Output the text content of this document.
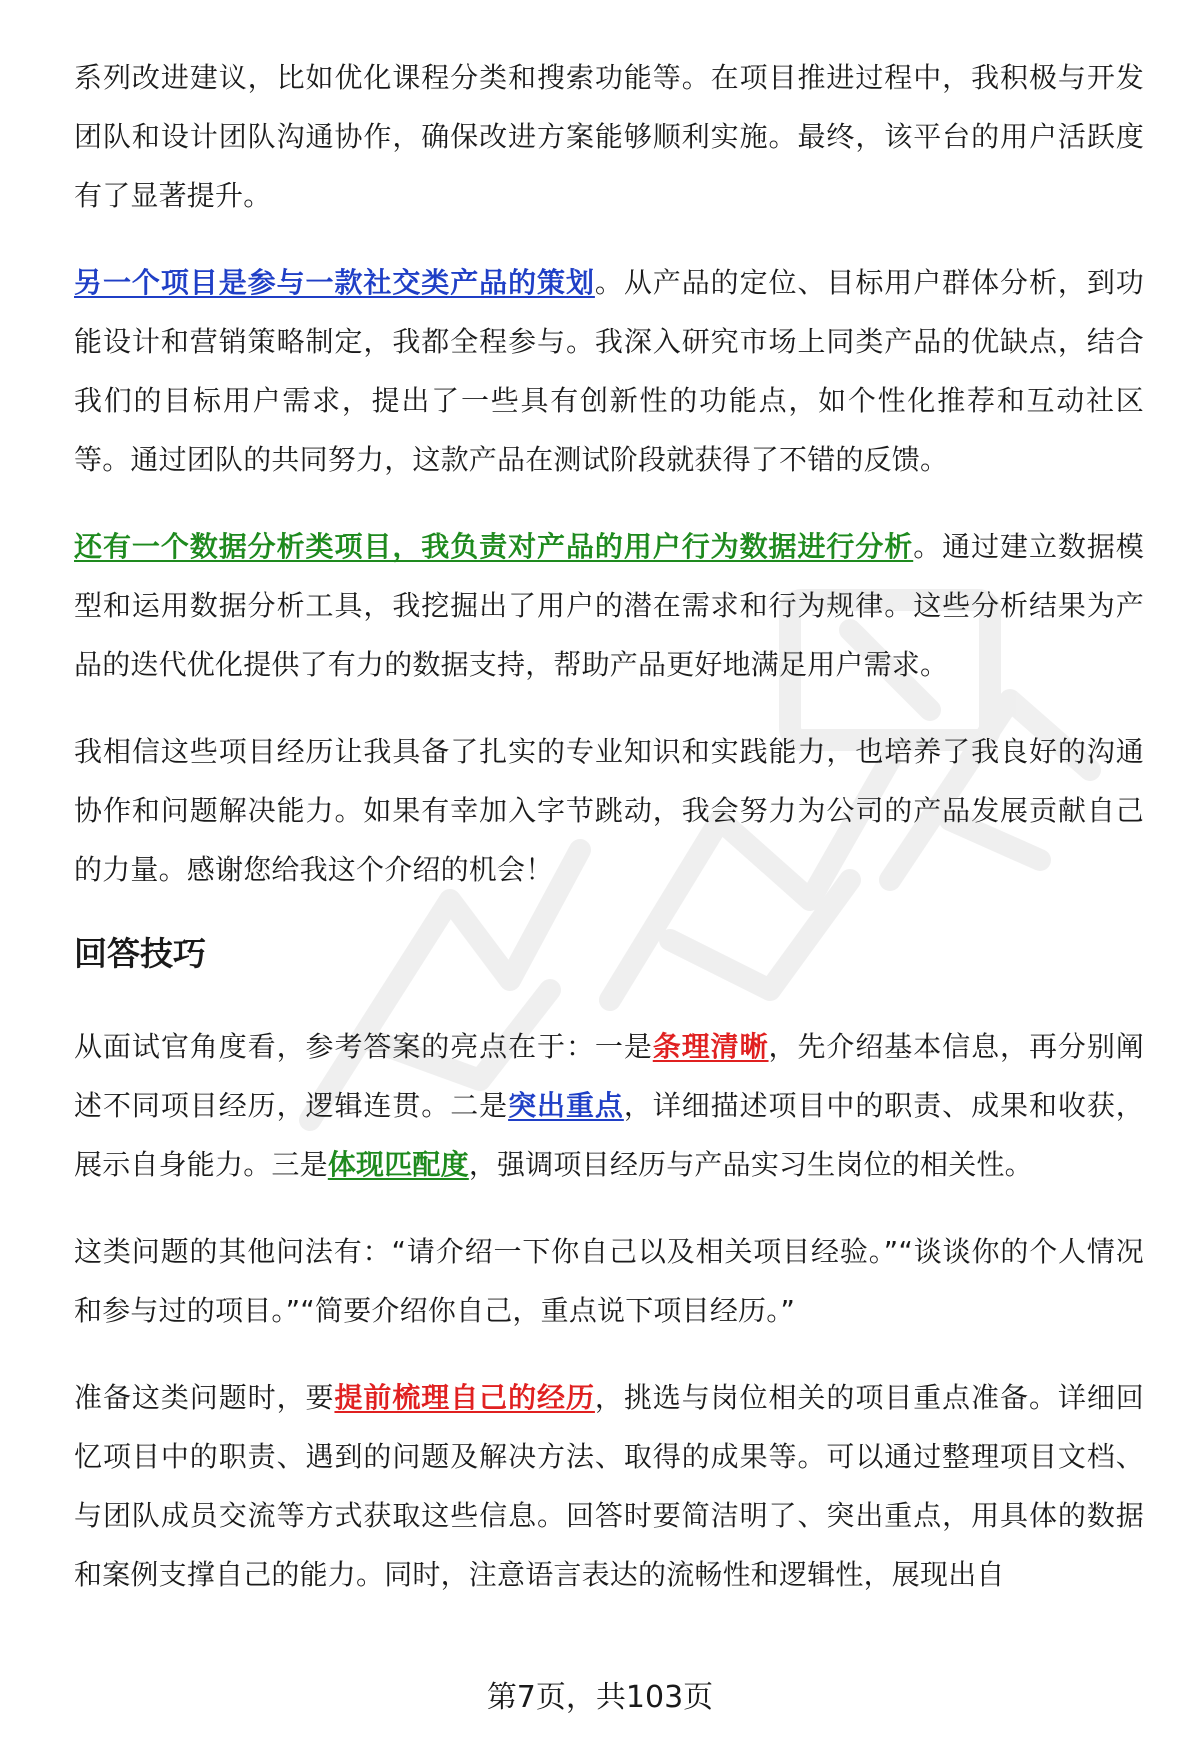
系列改进建议，比如优化课程分类和搜索功能等。在项目推进过程中，我积极与开发团队和设计团队沟通协作，确保改进方案能够顺利实施。最终，该平台的用户活跃度有了显著提升。

另一个项目是参与一款社交类产品的策划。从产品的定位、目标用户群体分析，到功能设计和营销策略制定，我都全程参与。我深入研究市场上同类产品的优缺点，结合我们的目标用户需求，提出了一些具有创新性的功能点，如个性化推荐和互动社区等。通过团队的共同努力，这款产品在测试阶段就获得了不错的反馈。

还有一个数据分析类项目，我负责对产品的用户行为数据进行分析。通过建立数据模型和运用数据分析工具，我挖掘出了用户的潜在需求和行为规律。这些分析结果为产品的迭代优化提供了有力的数据支持，帮助产品更好地满足用户需求。

我相信这些项目经历让我具备了扎实的专业知识和实践能力，也培养了我良好的沟通协作和问题解决能力。如果有幸加入字节跳动，我会努力为公司的产品发展贡献自己的力量。感谢您给我这个介绍的机会！

回答技巧

从面试官角度看，参考答案的亮点在于：一是条理清晰，先介绍基本信息，再分别阐述不同项目经历，逻辑连贯。二是突出重点，详细描述项目中的职责、成果和收获，展示自身能力。三是体现匹配度，强调项目经历与产品实习生岗位的相关性。

这类问题的其他问法有：“请介绍一下你自己以及相关项目经验。”“谈谈你的个人情况和参与过的项目。”“简要介绍你自己，重点说下项目经历。”

准备这类问题时，要提前梳理自己的经历，挑选与岗位相关的项目重点准备。详细回忆项目中的职责、遇到的问题及解决方法、取得的成果等。可以通过整理项目文档、与团队成员交流等方式获取这些信息。回答时要简洁明了、突出重点，用具体的数据和案例支撑自己的能力。同时，注意语言表达的流畅性和逻辑性，展现出自

第7页，共103页
